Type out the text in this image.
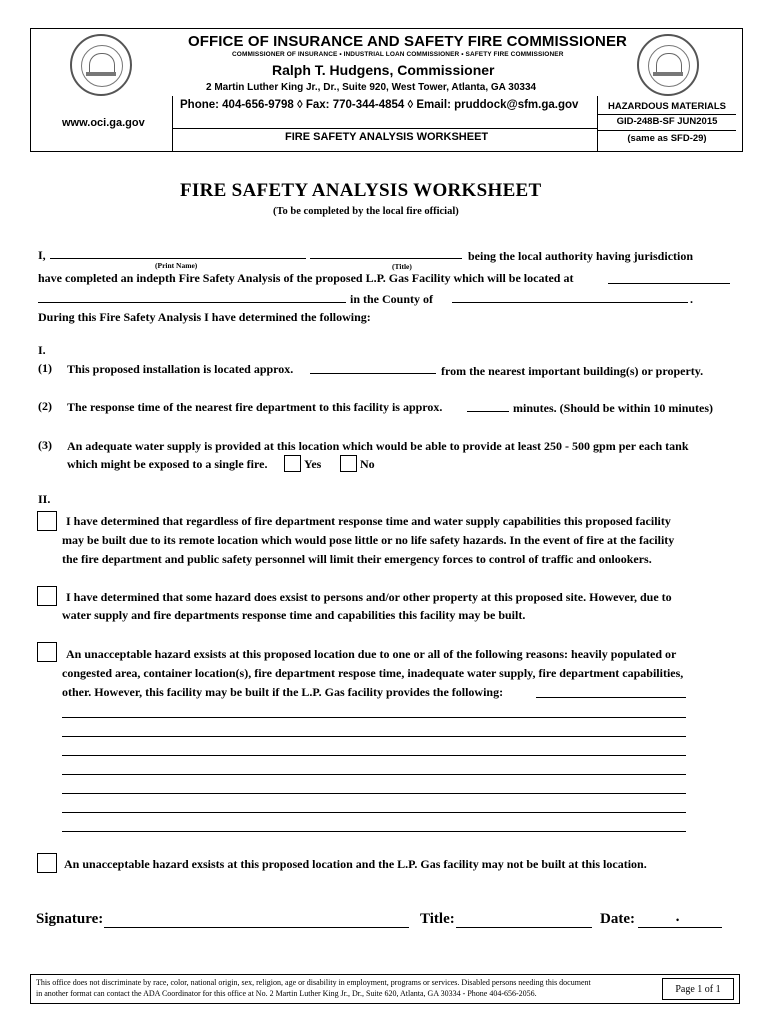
OFFICE OF INSURANCE AND SAFETY FIRE COMMISSIONER
COMMISSIONER OF INSURANCE • INDUSTRIAL LOAN COMMISSIONER • SAFETY FIRE COMMISSIONER
Ralph T. Hudgens, Commissioner
2 Martin Luther King Jr., Dr., Suite 920, West Tower, Atlanta, GA 30334
Phone: 404-656-9798 ◊ Fax: 770-344-4854 ◊ Email: pruddock@sfm.ga.gov
www.oci.ga.gov
FIRE SAFETY ANALYSIS WORKSHEET
HAZARDOUS MATERIALS
GID-248B-SF JUN2015
(same as SFD-29)
FIRE SAFETY ANALYSIS WORKSHEET
(To be completed by the local fire official)
I,	being the local authority having jurisdiction
(Print Name)	(Title)
have completed an indepth Fire Safety Analysis of the proposed L.P. Gas Facility which will be located at
in the County of	.
During this Fire Safety Analysis I have determined the following:
I.
(1) This proposed installation is located approx.	from the nearest important building(s) or property.
(2) The response time of the nearest fire department to this facility is approx.	minutes. (Should be within 10 minutes)
(3) An adequate water supply is provided at this location which would be able to provide at least 250 - 500 gpm per each tank
which might be exposed to a single fire.	Yes	No
II.
I have determined that regardless of fire department response time and water supply capabilities this proposed facility
may be built due to its remote location which would pose little or no life safety hazards. In the event of fire at the facility
the fire department and public safety personnel will limit their emergency forces to control of traffic and onlookers.
I have determined that some hazard does exsist to persons and/or other property at this proposed site. However, due to
water supply and fire departments response time and capabilities this facility may be built.
An unacceptable hazard exsists at this proposed location due to one or all of the following reasons: heavily populated or
congested area, container location(s), fire department respose time, inadequate water supply, fire department capabilities,
other. However, this facility may be built if the L.P. Gas facility provides the following:
An unacceptable hazard exsists at this proposed location and the L.P. Gas facility may not be built at this location.
Signature:	Title:	Date:	•
This office does not discriminate by race, color, national origin, sex, religion, age or disability in employment, programs or services. Disabled persons needing this document
in another format can contact the ADA Coordinator for this office at No. 2 Martin Luther King Jr., Dr., Suite 620, Atlanta, GA 30334 - Phone 404-656-2056.	Page 1 of 1
